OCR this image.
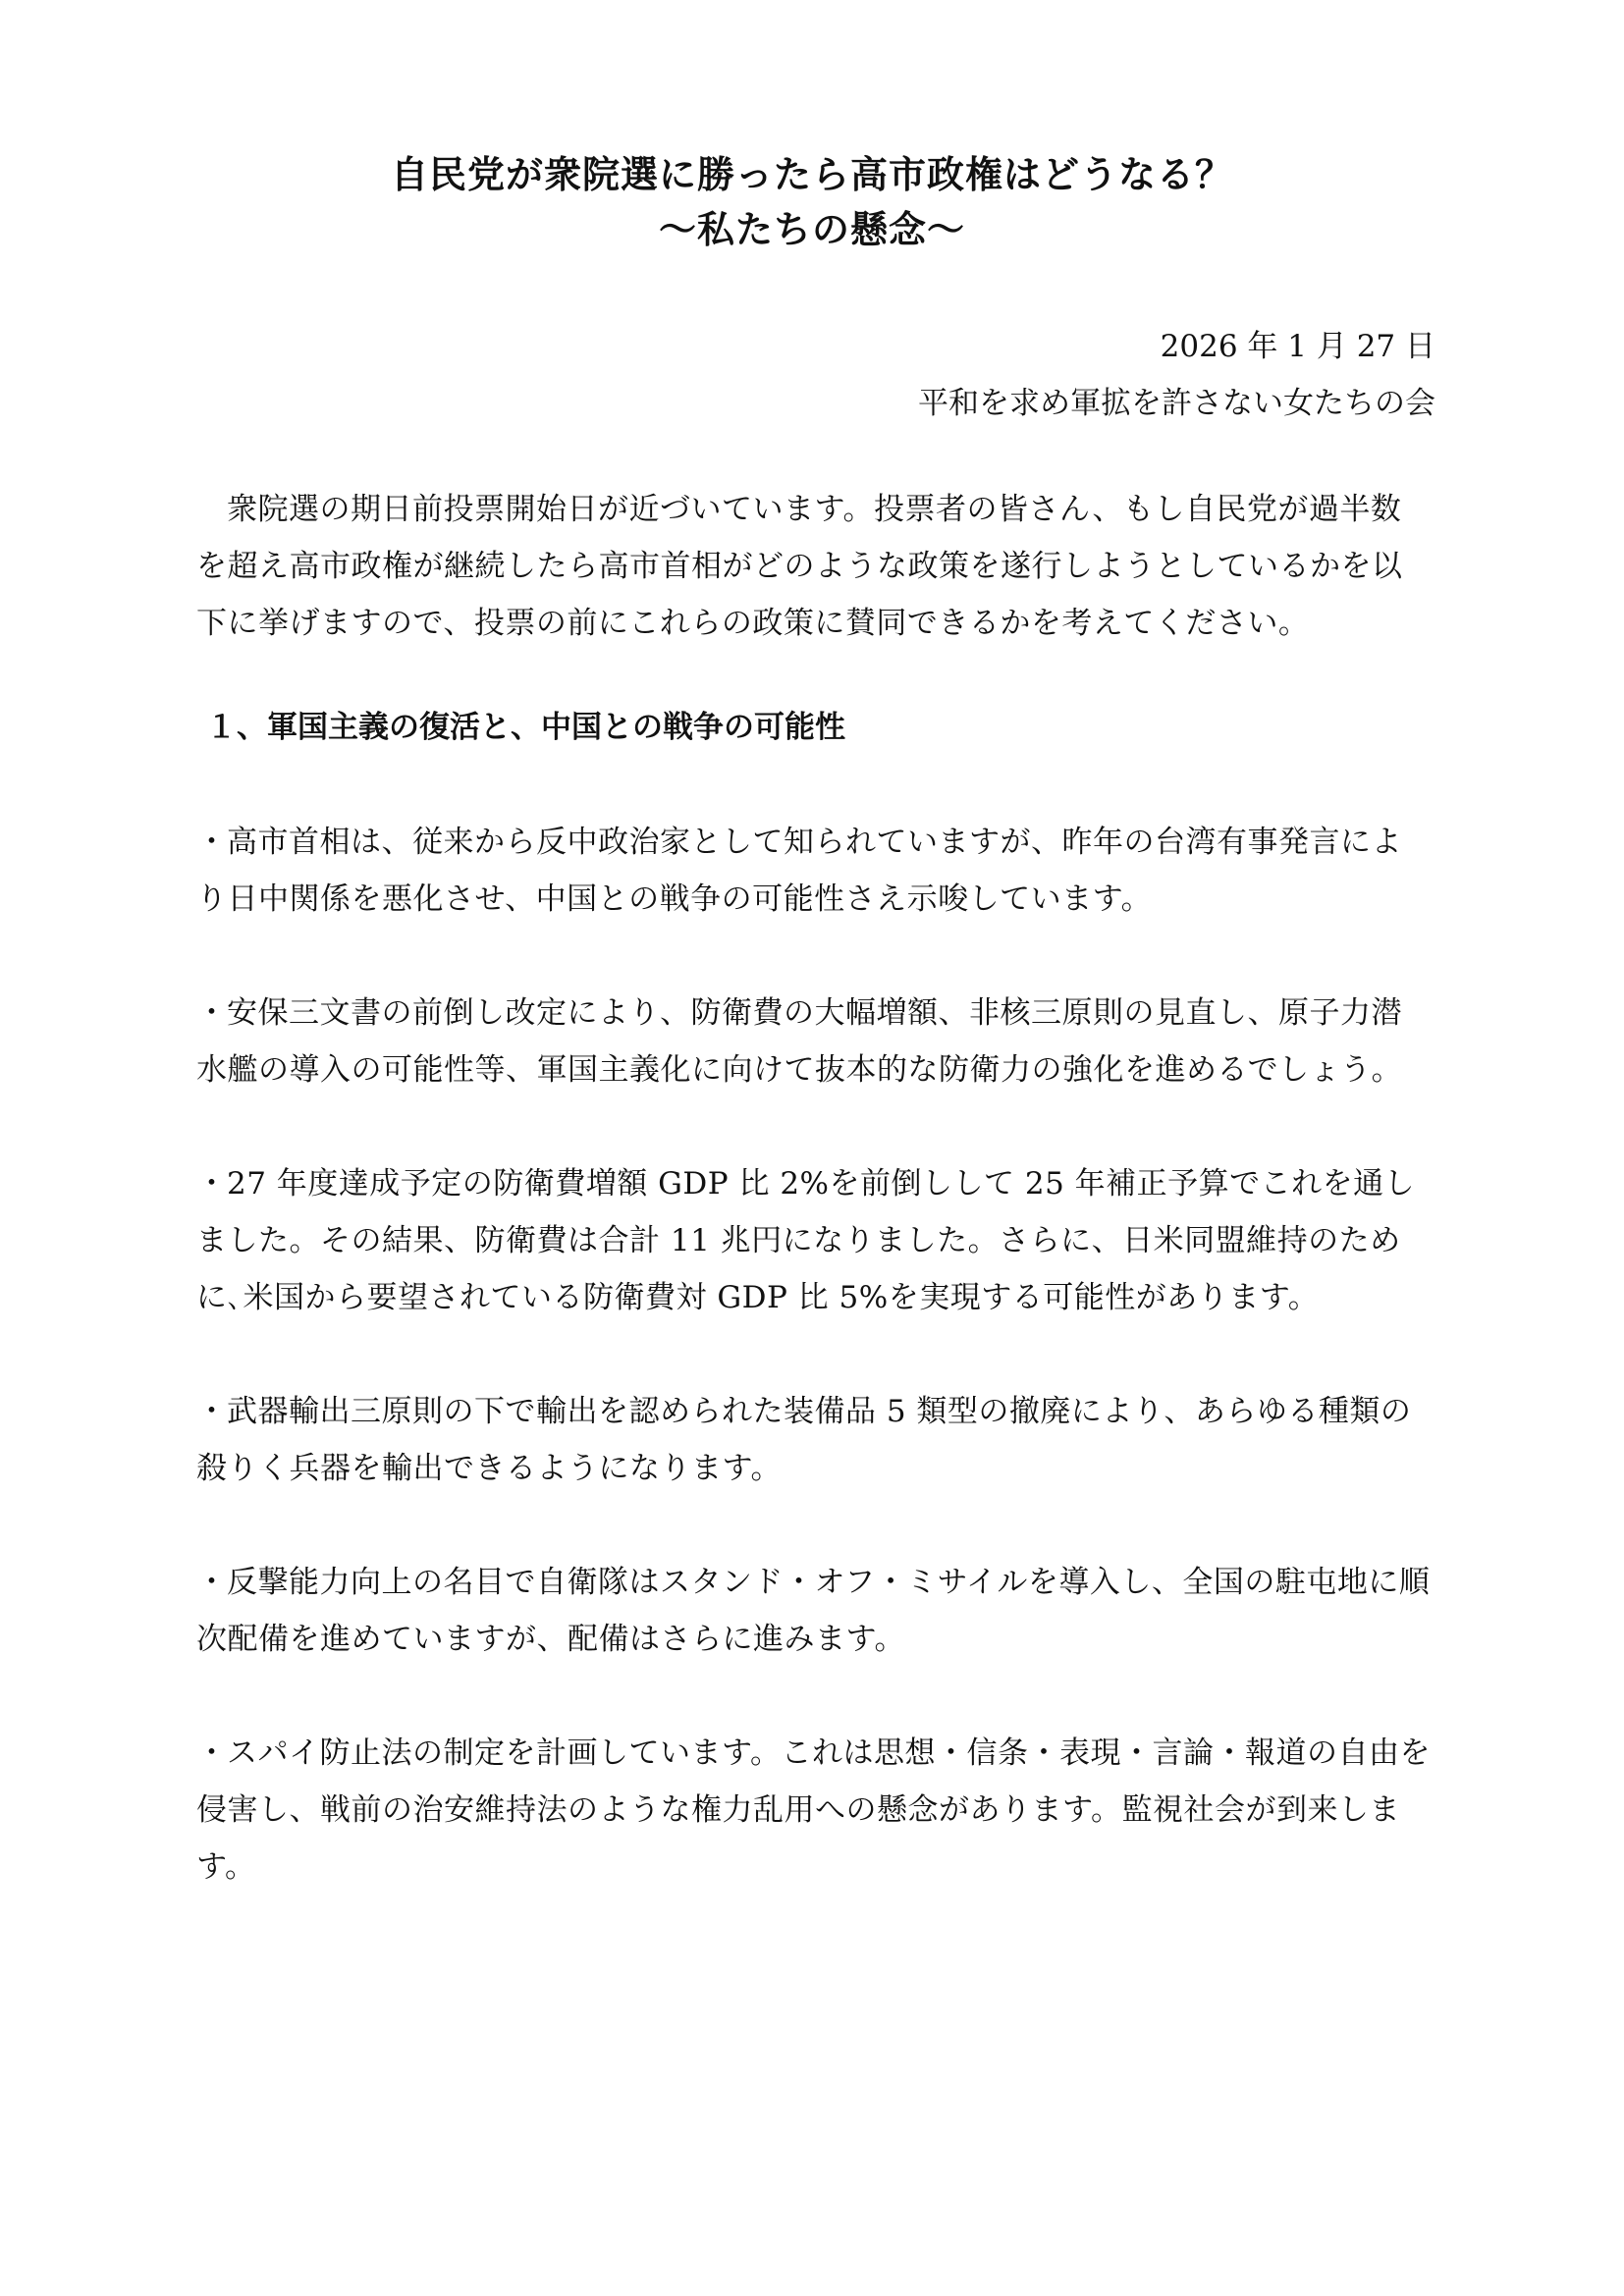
自民党が衆院選に勝ったら高市政権はどうなる？
〜私たちの懸念〜
2026 年 1 月 27 日
平和を求め軍拡を許さない女たちの会
衆院選の期日前投票開始日が近づいています。投票者の皆さん、もし自民党が過半数を超え高市政権が継続したら高市首相がどのような政策を遂行しようとしているかを以下に挙げますので、投票の前にこれらの政策に賛同できるかを考えてください。
１、軍国主義の復活と、中国との戦争の可能性
・高市首相は、従来から反中政治家として知られていますが、昨年の台湾有事発言により日中関係を悪化させ、中国との戦争の可能性さえ示唆しています。
・安保三文書の前倒し改定により、防衛費の大幅増額、非核三原則の見直し、原子力潜水艦の導入の可能性等、軍国主義化に向けて抜本的な防衛力の強化を進めるでしょう。
・27 年度達成予定の防衛費増額 GDP 比 2%を前倒しして 25 年補正予算でこれを通しました。その結果、防衛費は合計 11 兆円になりました。さらに、日米同盟維持のために､米国から要望されている防衛費対 GDP 比 5%を実現する可能性があります。
・武器輸出三原則の下で輸出を認められた装備品 5 類型の撤廃により、あらゆる種類の殺りく兵器を輸出できるようになります。
・反撃能力向上の名目で自衛隊はスタンド・オフ・ミサイルを導入し、全国の駐屯地に順次配備を進めていますが、配備はさらに進みます。
・スパイ防止法の制定を計画しています。これは思想・信条・表現・言論・報道の自由を侵害し、戦前の治安維持法のような権力乱用への懸念があります。監視社会が到来します。
